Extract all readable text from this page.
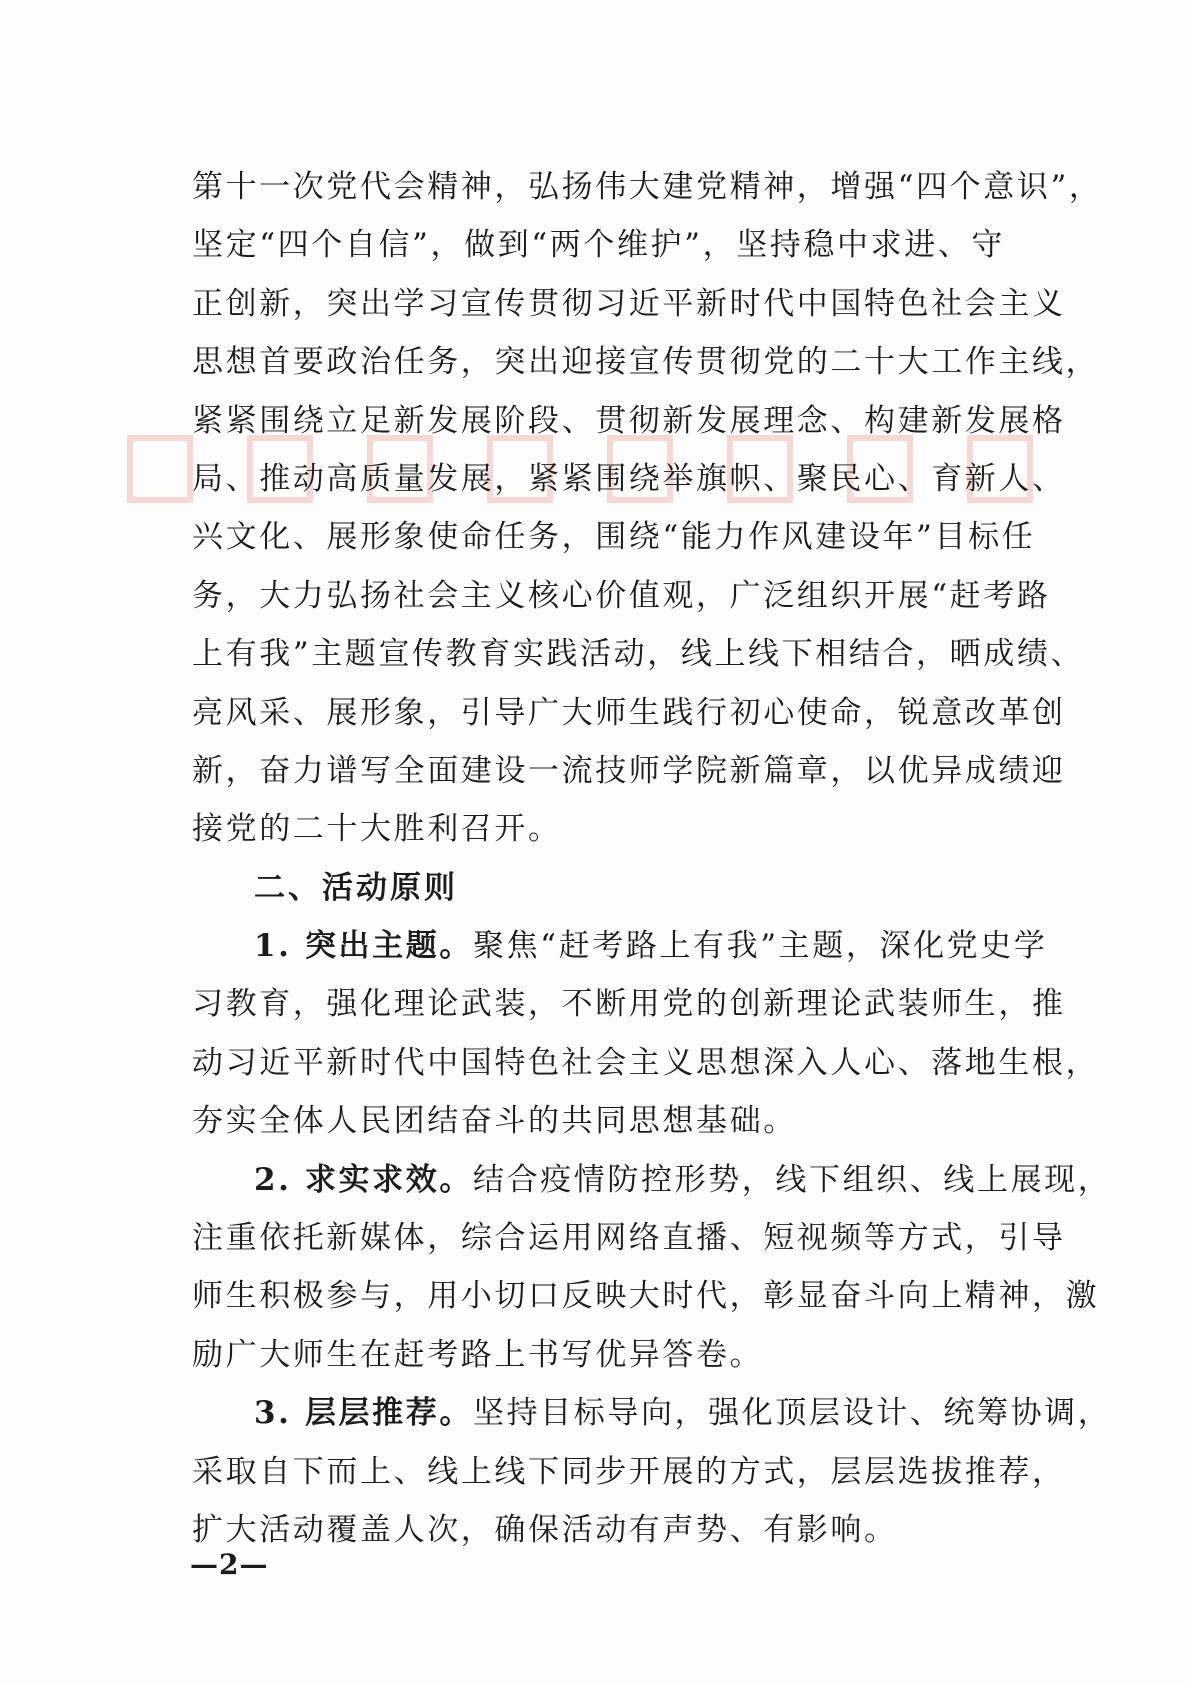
第十一次党代会精神，弘扬伟大建党精神，增强“四个意识”，
坚定“四个自信”，做到“两个维护”，坚持稳中求进、守
正创新，突出学习宣传贯彻习近平新时代中国特色社会主义
思想首要政治任务，突出迎接宣传贯彻党的二十大工作主线，
紧紧围绕立足新发展阶段、贯彻新发展理念、构建新发展格
局、推动高质量发展，紧紧围绕举旗帜、聚民心、育新人、
兴文化、展形象使命任务，围绕“能力作风建设年”目标任
务，大力弘扬社会主义核心价值观，广泛组织开展“赶考路
上有我”主题宣传教育实践活动，线上线下相结合，晒成绩、
亮风采、展形象，引导广大师生践行初心使命，锐意改革创
新，奋力谱写全面建设一流技师学院新篇章，以优异成绩迎
接党的二十大胜利召开。
二、活动原则
1. 突出主题。聚焦“赶考路上有我”主题，深化党史学
习教育，强化理论武装，不断用党的创新理论武装师生，推
动习近平新时代中国特色社会主义思想深入人心、落地生根，
夯实全体人民团结奋斗的共同思想基础。
2. 求实求效。结合疫情防控形势，线下组织、线上展现，
注重依托新媒体，综合运用网络直播、短视频等方式，引导
师生积极参与，用小切口反映大时代，彰显奋斗向上精神，激
励广大师生在赶考路上书写优异答卷。
3. 层层推荐。坚持目标导向，强化顶层设计、统筹协调，
采取自下而上、线上线下同步开展的方式，层层选拔推荐，
扩大活动覆盖人次，确保活动有声势、有影响。
—2—
